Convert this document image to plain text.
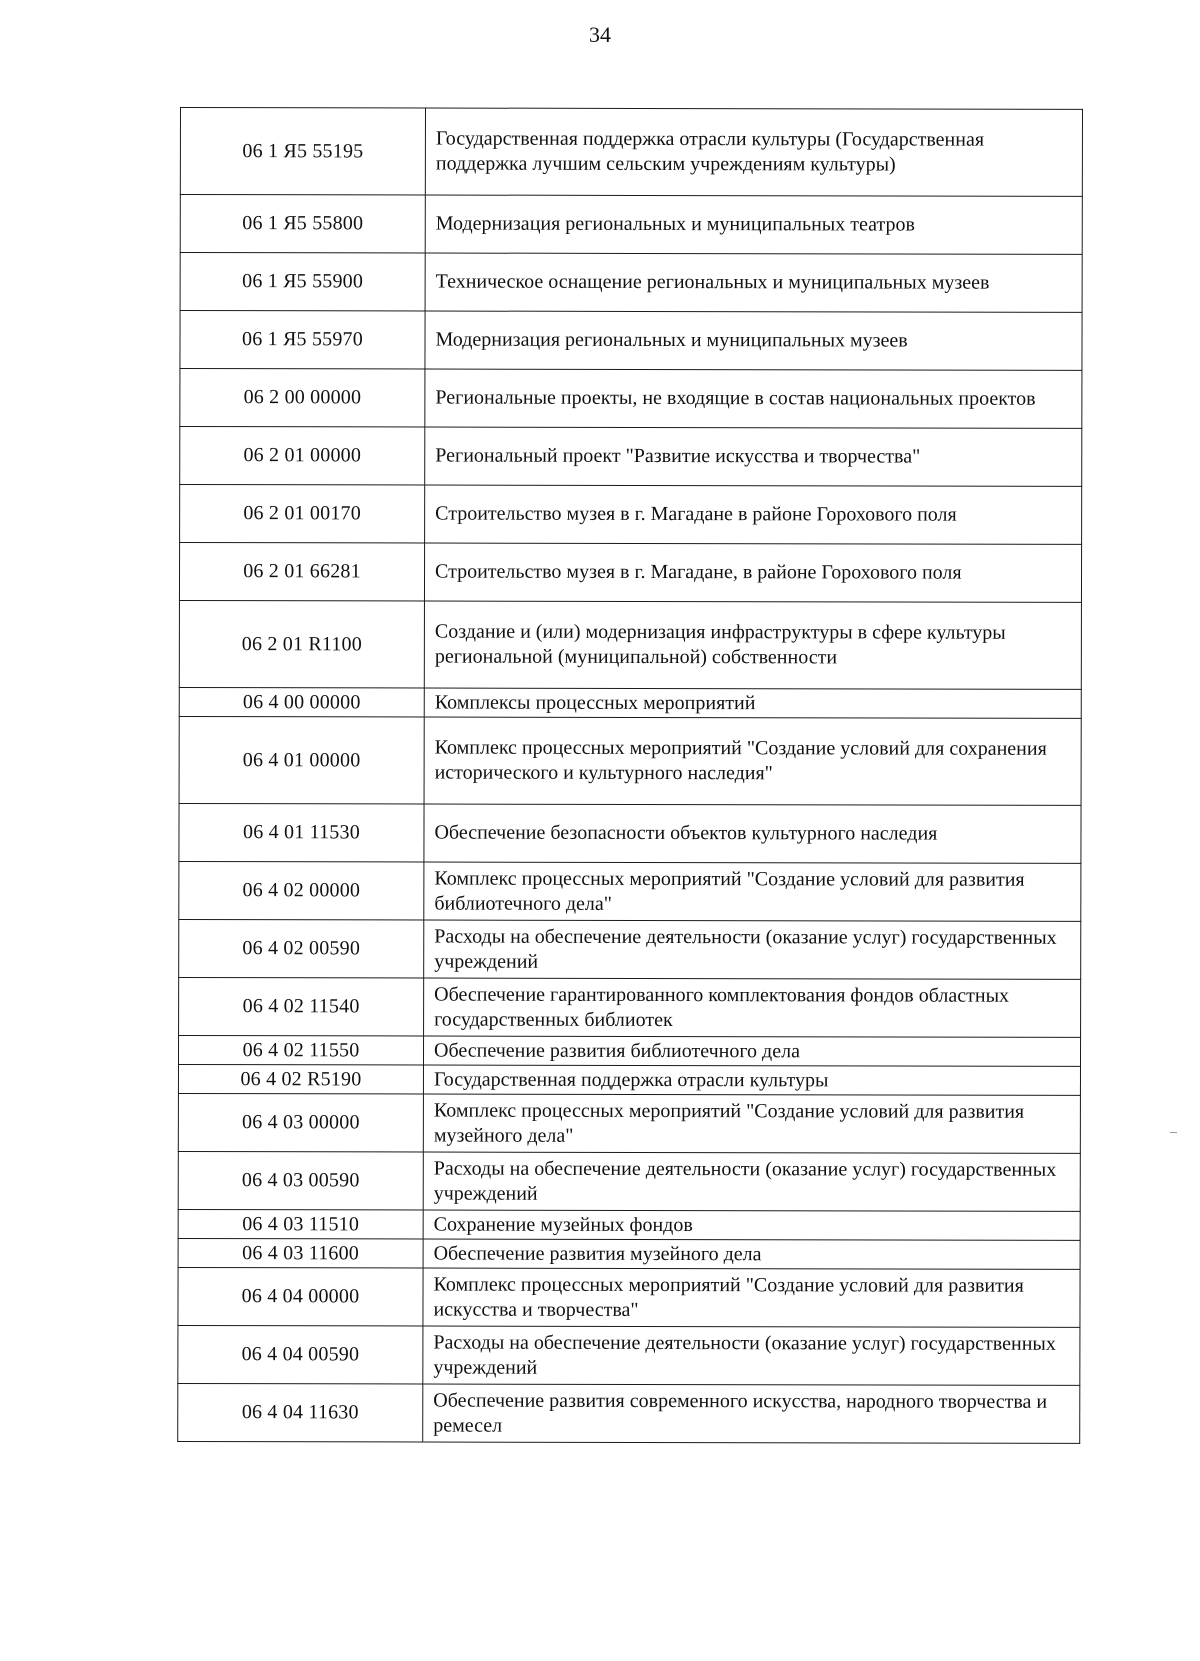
34
06 1 Я5 55195	Государственная поддержка отрасли культуры (Государственная поддержка лучшим сельским учреждениям культуры)
06 1 Я5 55800	Модернизация региональных и муниципальных театров
06 1 Я5 55900	Техническое оснащение региональных и муниципальных музеев
06 1 Я5 55970	Модернизация региональных и муниципальных музеев
06 2 00 00000	Региональные проекты, не входящие в состав национальных проектов
06 2 01 00000	Региональный проект "Развитие искусства и творчества"
06 2 01 00170	Строительство музея в г. Магадане в районе Горохового поля
06 2 01 66281	Строительство музея в г. Магадане, в районе Горохового поля
06 2 01 R1100	Создание и (или) модернизация инфраструктуры в сфере культуры региональной (муниципальной) собственности
06 4 00 00000	Комплексы процессных мероприятий
06 4 01 00000	Комплекс процессных мероприятий "Создание условий для сохранения исторического и культурного наследия"
06 4 01 11530	Обеспечение безопасности объектов культурного наследия
06 4 02 00000	Комплекс процессных мероприятий "Создание условий для развития библиотечного дела"
06 4 02 00590	Расходы на обеспечение деятельности (оказание услуг) государственных учреждений
06 4 02 11540	Обеспечение гарантированного комплектования фондов областных государственных библиотек
06 4 02 11550	Обеспечение развития библиотечного дела
06 4 02 R5190	Государственная поддержка отрасли культуры
06 4 03 00000	Комплекс процессных мероприятий "Создание условий для развития музейного дела"
06 4 03 00590	Расходы на обеспечение деятельности (оказание услуг) государственных учреждений
06 4 03 11510	Сохранение музейных фондов
06 4 03 11600	Обеспечение развития музейного дела
06 4 04 00000	Комплекс процессных мероприятий "Создание условий для развития искусства и творчества"
06 4 04 00590	Расходы на обеспечение деятельности (оказание услуг) государственных учреждений
06 4 04 11630	Обеспечение развития современного искусства, народного творчества и ремесел
